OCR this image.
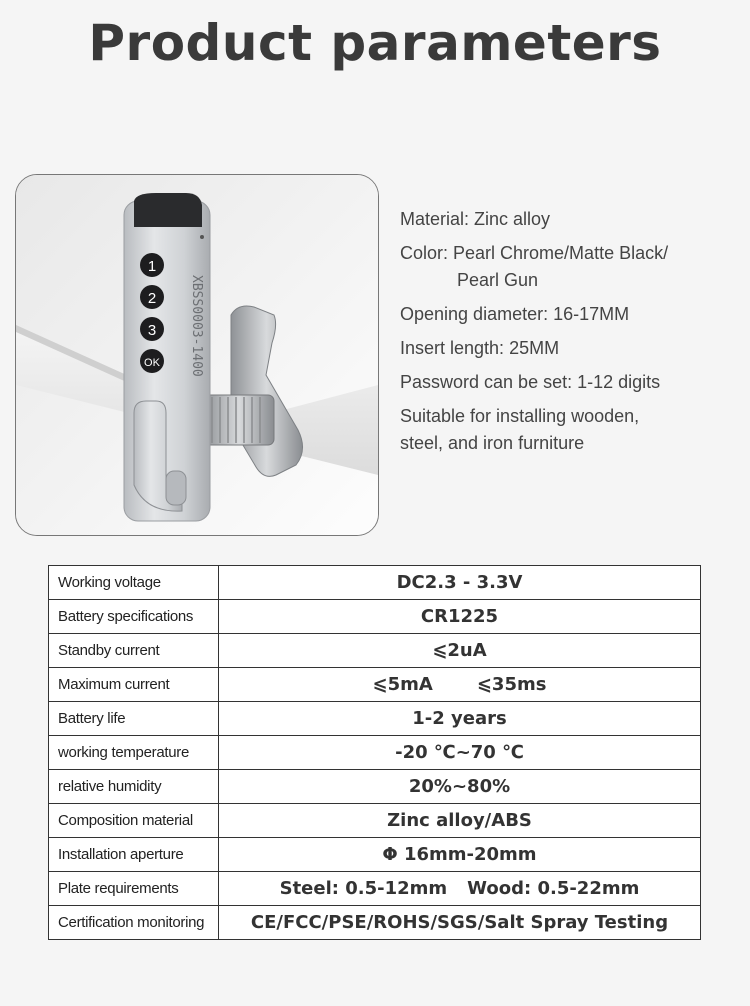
Product parameters
1
2
3
OK XBSS0003-1400
Material: Zinc alloy
Color: Pearl Chrome/Matte Black/
Pearl Gun
Opening diameter: 16-17MM
Insert length: 25MM
Password can be set: 1-12 digits
Suitable for installing wooden,
steel, and iron furniture
Working voltage	DC2.3 - 3.3V
Battery specifications	CR1225
Standby current	⩽2uA
Maximum current	⩽5mA ⩽35ms
Battery life	1-2 years
working temperature	-20 ℃~70 ℃
relative humidity	20%~80%
Composition material	Zinc alloy/ABS
Installation aperture	Φ 16mm-20mm
Plate requirements	Steel: 0.5-12mm Wood: 0.5-22mm
Certification monitoring	CE/FCC/PSE/ROHS/SGS/Salt Spray Testing
